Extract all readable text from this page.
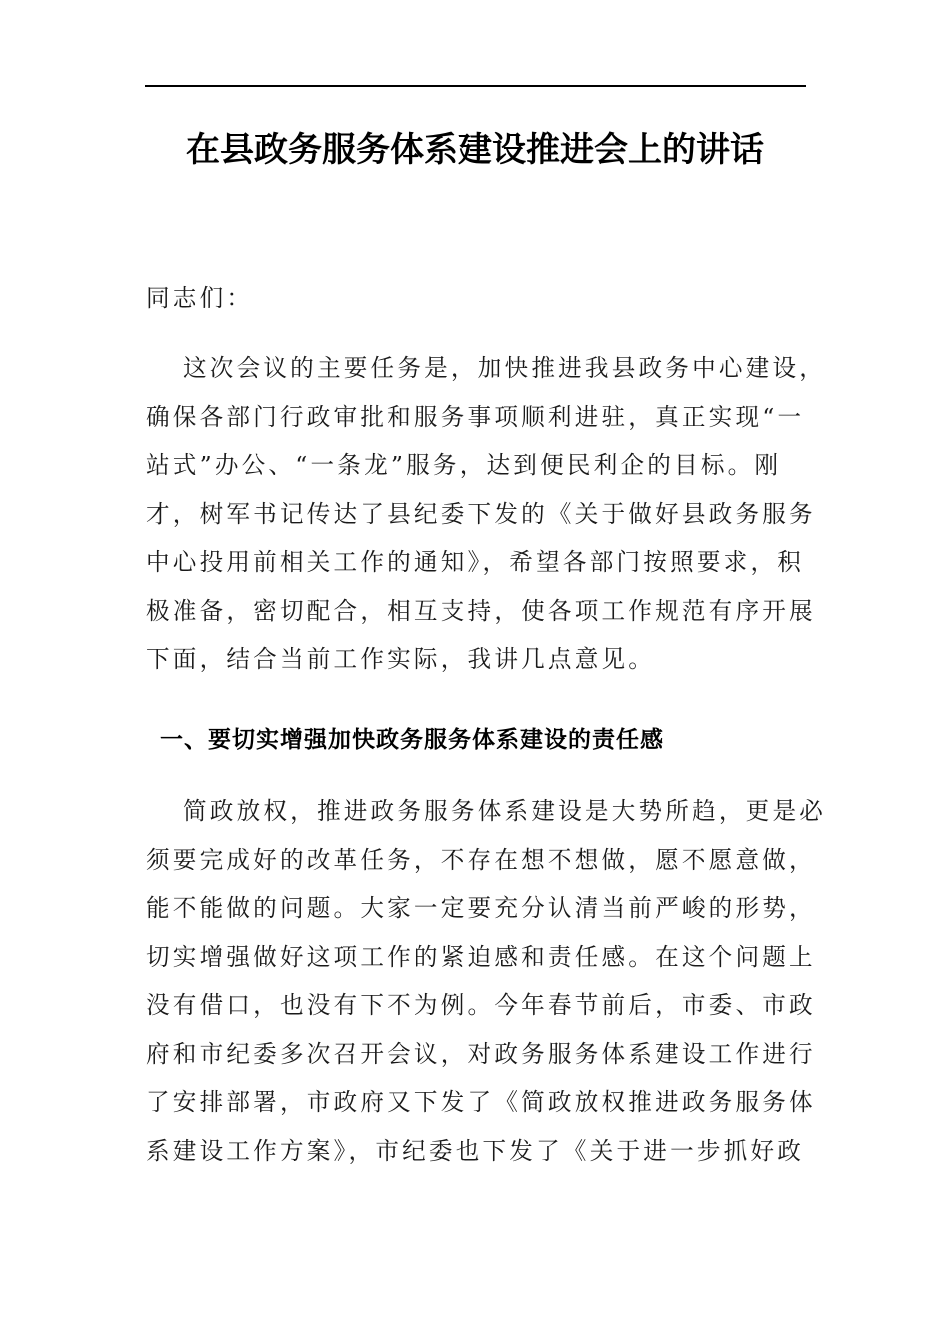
在县政务服务体系建设推进会上的讲话
同志们：
这次会议的主要任务是，加快推进我县政务中心建设，
确保各部门行政审批和服务事项顺利进驻，真正实现“一
站式”办公、“一条龙”服务，达到便民利企的目标。刚
才，树军书记传达了县纪委下发的《关于做好县政务服务
中心投用前相关工作的通知》，希望各部门按照要求，积
极准备，密切配合，相互支持，使各项工作规范有序开展
下面，结合当前工作实际，我讲几点意见。
一、要切实增强加快政务服务体系建设的责任感
简政放权，推进政务服务体系建设是大势所趋，更是必
须要完成好的改革任务，不存在想不想做，愿不愿意做，
能不能做的问题。大家一定要充分认清当前严峻的形势，
切实增强做好这项工作的紧迫感和责任感。在这个问题上
没有借口，也没有下不为例。今年春节前后，市委、市政
府和市纪委多次召开会议，对政务服务体系建设工作进行
了安排部署，市政府又下发了《简政放权推进政务服务体
系建设工作方案》，市纪委也下发了《关于进一步抓好政
